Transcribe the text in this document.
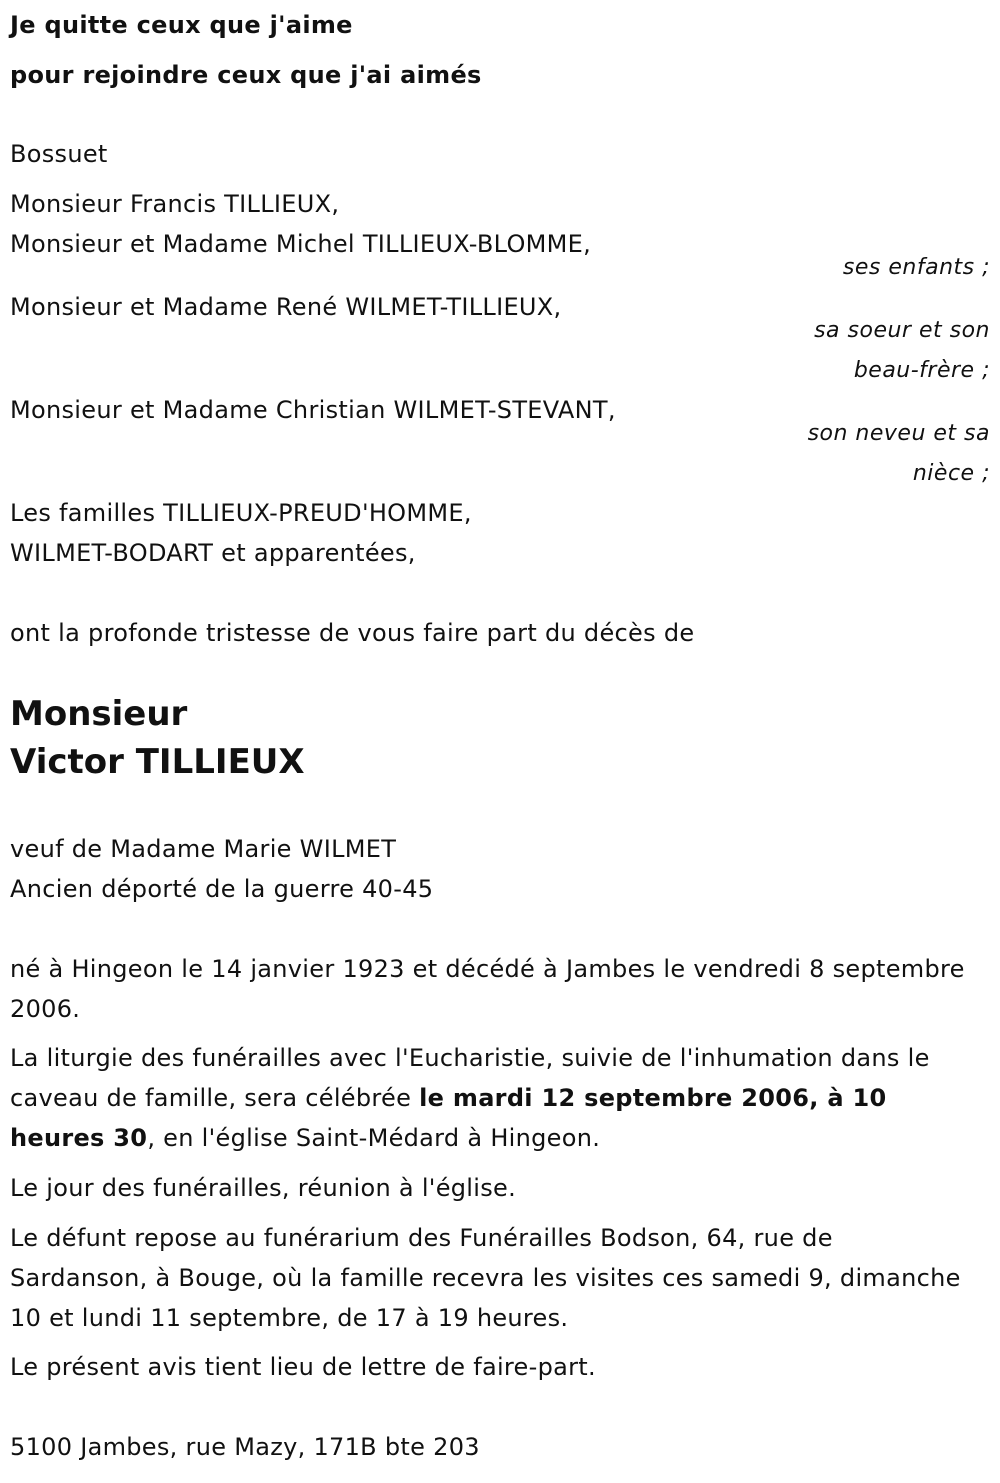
Je quitte ceux que j'aime

pour rejoindre ceux que j'ai aimés

Bossuet

Monsieur Francis TILLIEUX,

Monsieur et Madame Michel TILLIEUX-BLOMME,

ses enfants ;

Monsieur et Madame René WILMET-TILLIEUX,

sa soeur et son

beau-frère ;

Monsieur et Madame Christian WILMET-STEVANT,

son neveu et sa

nièce ;

Les familles TILLIEUX-PREUD'HOMME,

WILMET-BODART et apparentées,

ont la profonde tristesse de vous faire part du décès de

Monsieur

Victor TILLIEUX

veuf de Madame Marie WILMET

Ancien déporté de la guerre 40-45

né à Hingeon le 14 janvier 1923 et décédé à Jambes le vendredi 8 septembre 2006.

La liturgie des funérailles avec l'Eucharistie, suivie de l'inhumation dans le caveau de famille, sera célébrée le mardi 12 septembre 2006, à 10 heures 30, en l'église Saint-Médard à Hingeon.

Le jour des funérailles, réunion à l'église.

Le défunt repose au funérarium des Funérailles Bodson, 64, rue de Sardanson, à Bouge, où la famille recevra les visites ces samedi 9, dimanche 10 et lundi 11 septembre, de 17 à 19 heures.

Le présent avis tient lieu de lettre de faire-part.

5100 Jambes, rue Mazy, 171B bte 203
